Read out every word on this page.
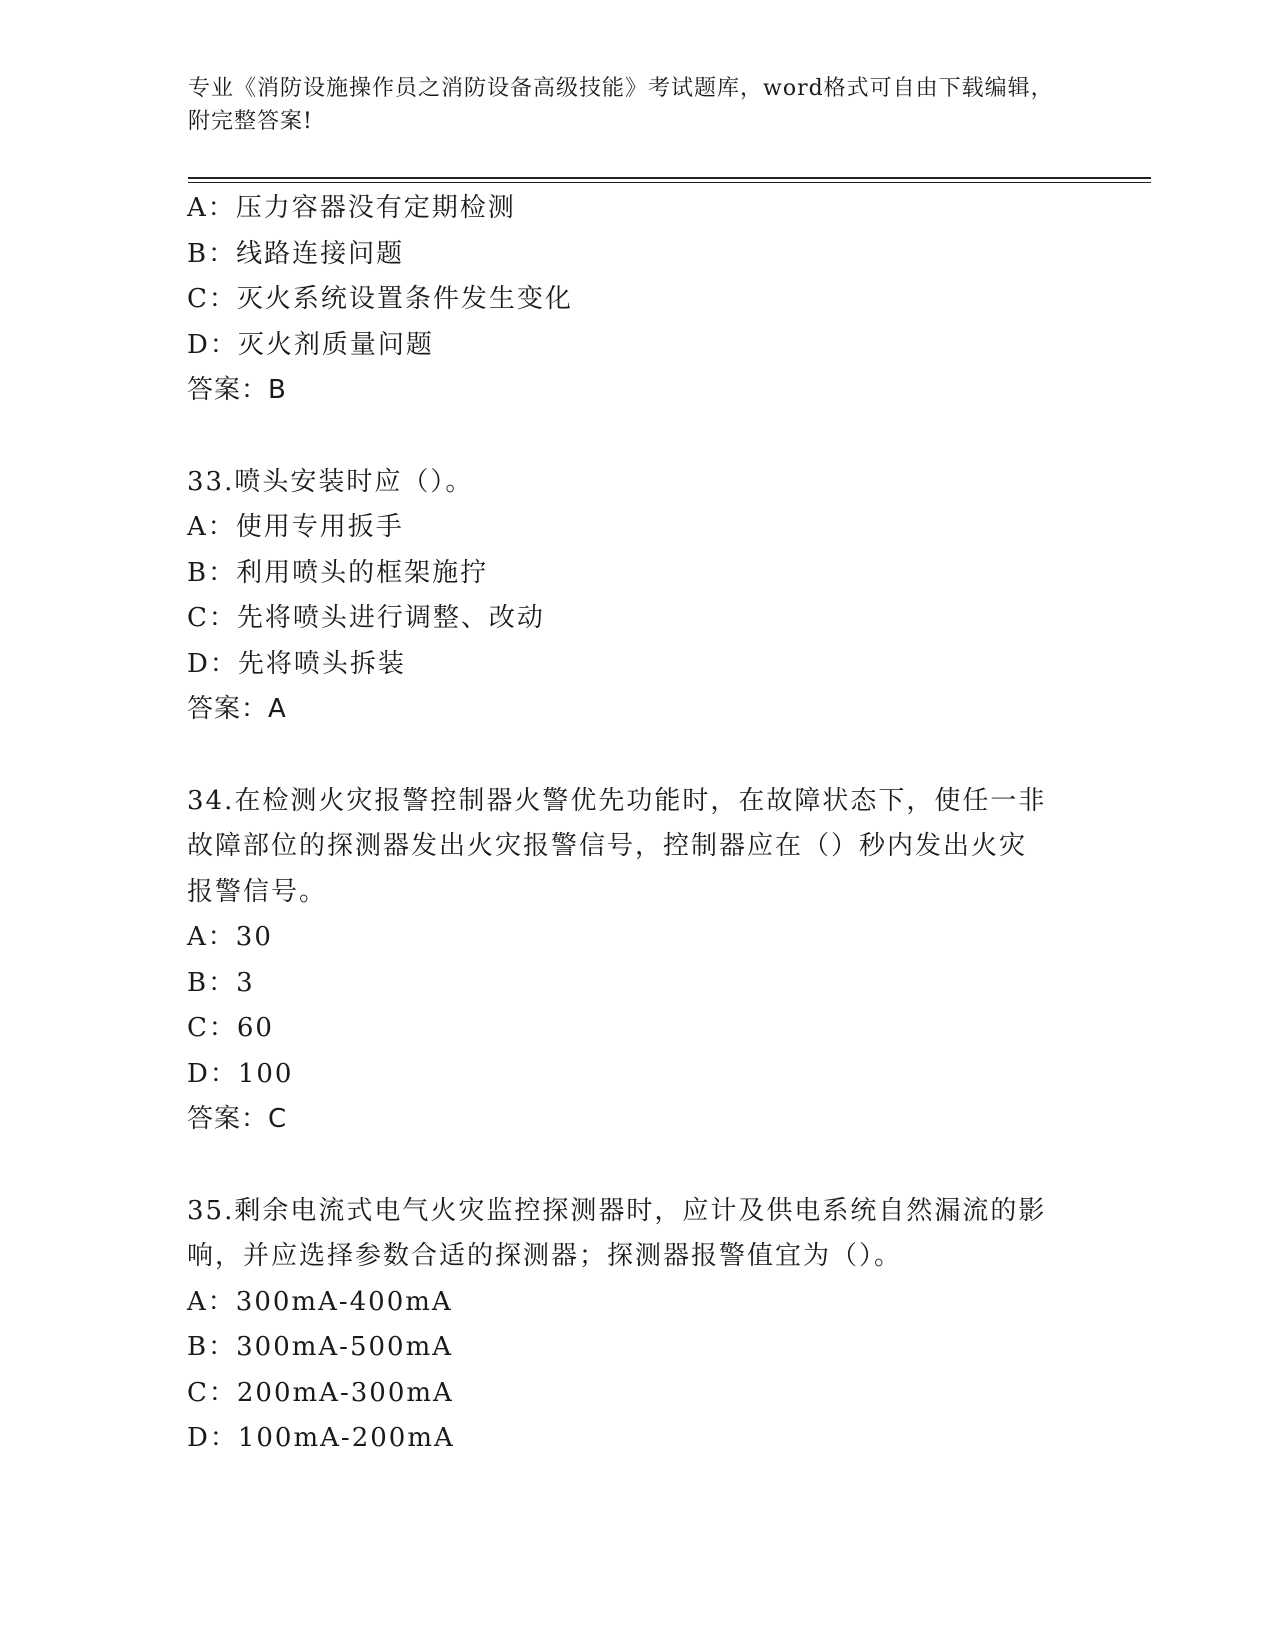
专业《消防设施操作员之消防设备高级技能》考试题库，word格式可自由下载编辑，附完整答案!
A：压力容器没有定期检测
B：线路连接问题
C：灭火系统设置条件发生变化
D：灭火剂质量问题
答案：B
33.喷头安装时应（）。
A：使用专用扳手
B：利用喷头的框架施拧
C：先将喷头进行调整、改动
D：先将喷头拆装
答案：A
34.在检测火灾报警控制器火警优先功能时，在故障状态下，使任一非
故障部位的探测器发出火灾报警信号，控制器应在（）秒内发出火灾
报警信号。
A：30
B：3
C：60
D：100
答案：C
35.剩余电流式电气火灾监控探测器时，应计及供电系统自然漏流的影
响，并应选择参数合适的探测器；探测器报警值宜为（）。
A：300mA-400mA
B：300mA-500mA
C：200mA-300mA
D：100mA-200mA
